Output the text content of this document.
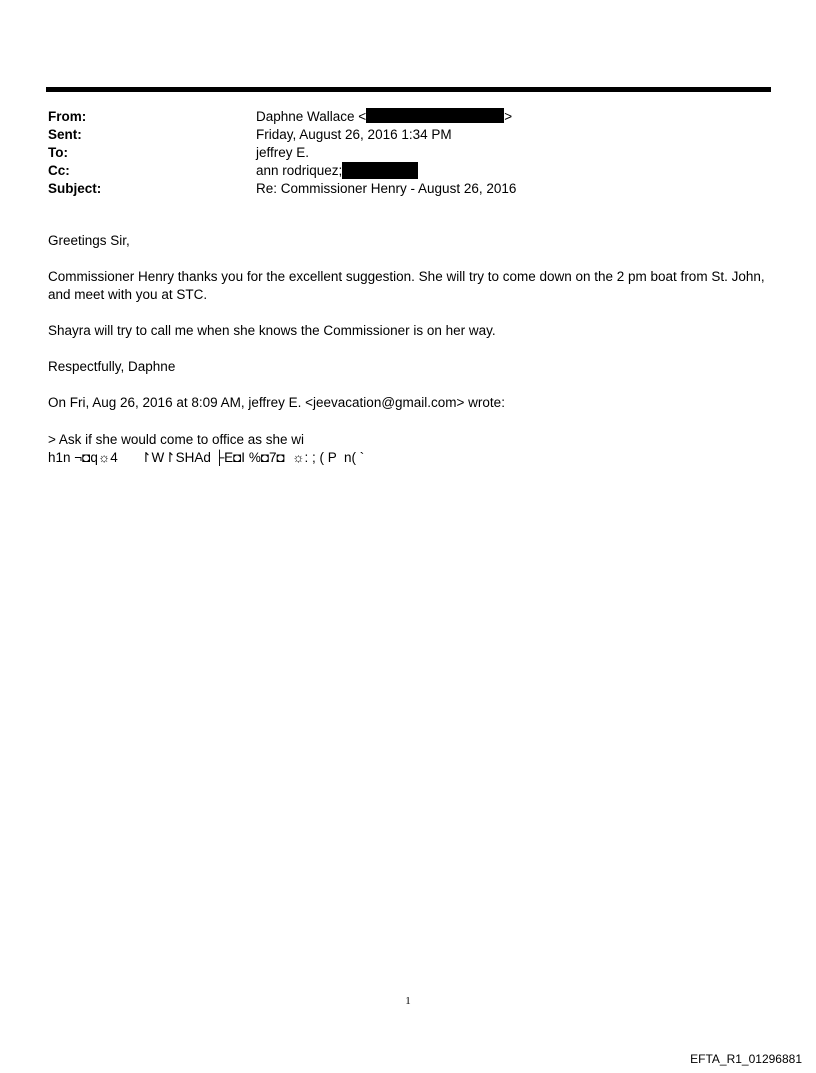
From:	Daphne Wallace <	>
Sent:	Friday, August 26, 2016 1:34 PM
To:	jeffrey E.
Cc:	ann rodriquez;
Subject:	Re: Commissioner Henry - August 26, 2016

Greetings Sir,

Commissioner Henry thanks you for the excellent suggestion. She will try to come down on the 2 pm boat from St. John, and meet with you at STC.

Shayra will try to call me when she knows the Commissioner is on her way.

Respectfully, Daphne

On Fri, Aug 26, 2016 at 8:09 AM, jeffrey E. <jeevacation@gmail.com> wrote:

> Ask if she would come to office as she wi
h1n ¬◘q☼4      ↾W↾SHAd ├E◘I %◘7◘  ☼: ; ( P  n( `
1
EFTA_R1_01296881
